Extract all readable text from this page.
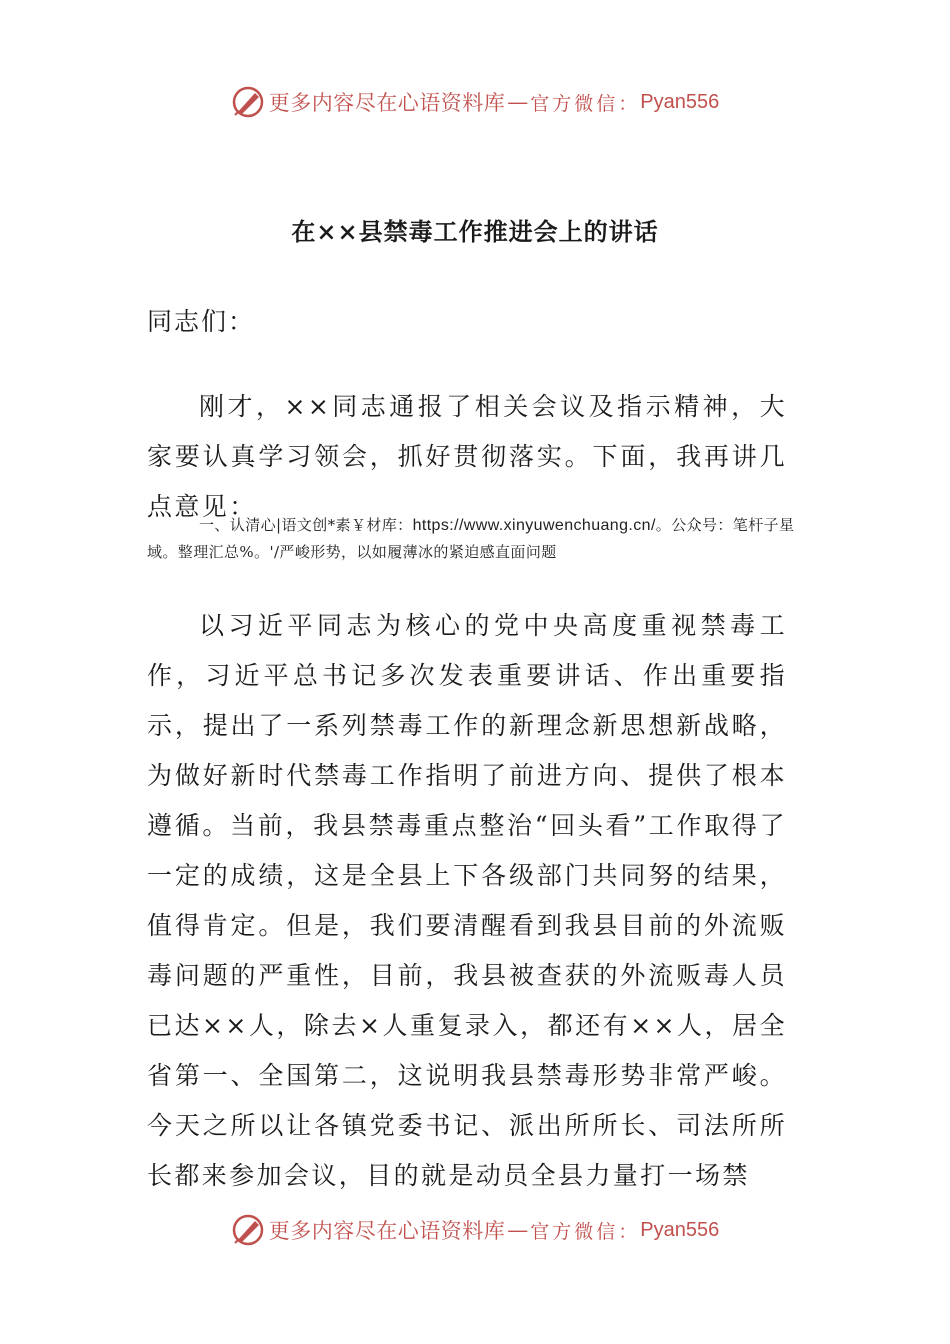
更多内容尽在心语资料库 — 官方微信： Pyan556
在××县禁毒工作推进会上的讲话
同志们：
刚才，××同志通报了相关会议及指示精神，大家要认真学习领会，抓好贯彻落实。下面，我再讲几点意见：
一、认清心|语文创*素￥材库：https://www.xinyuwenchuang.cn/。公众号：笔杆子星域。整理汇总%。'/严峻形势，以如履薄冰的紧迫感直面问题
以习近平同志为核心的党中央高度重视禁毒工作，习近平总书记多次发表重要讲话、作出重要指示，提出了一系列禁毒工作的新理念新思想新战略，为做好新时代禁毒工作指明了前进方向、提供了根本遵循。当前，我县禁毒重点整治“回头看”工作取得了一定的成绩，这是全县上下各级部门共同努的结果，值得肯定。但是，我们要清醒看到我县目前的外流贩毒问题的严重性，目前，我县被查获的外流贩毒人员已达××人，除去×人重复录入，都还有××人，居全省第一、全国第二，这说明我县禁毒形势非常严峻。今天之所以让各镇党委书记、派出所所长、司法所所长都来参加会议，目的就是动员全县力量打一场禁
更多内容尽在心语资料库 — 官方微信： Pyan556
